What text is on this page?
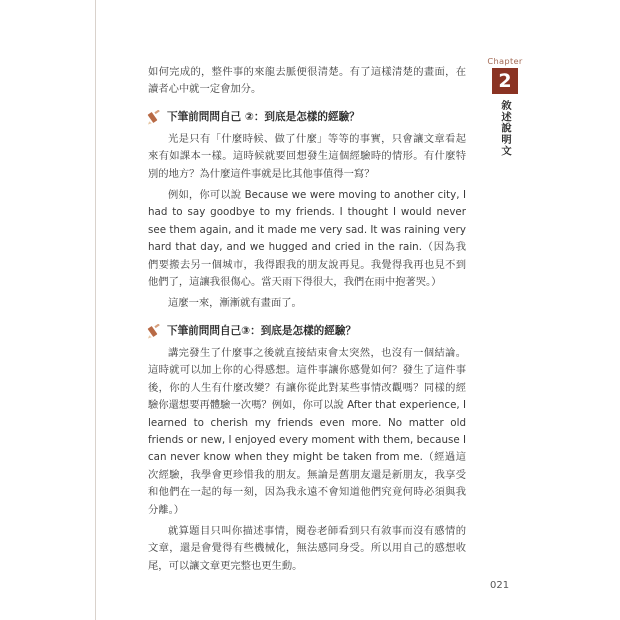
如何完成的，整件事的來龍去脈便很清楚。有了這樣清楚的畫面，在讀者心中就一定會加分。

下筆前問問自己 ②：到底是怎樣的經驗？

光是只有「什麼時候、做了什麼」等等的事實，只會讓文章看起來有如課本一樣。這時候就要回想發生這個經驗時的情形。有什麼特別的地方？為什麼這件事就是比其他事值得一寫？

例如，你可以說 Because we were moving to another city, I had to say goodbye to my friends. I thought I would never see them again, and it made me very sad. It was raining very hard that day, and we hugged and cried in the rain.（因為我們要搬去另一個城市，我得跟我的朋友說再見。我覺得我再也見不到他們了，這讓我很傷心。當天雨下得很大，我們在雨中抱著哭。）

這麼一來，漸漸就有畫面了。

下筆前問問自己③：到底是怎樣的經驗？

講完發生了什麼事之後就直接結束會太突然，也沒有一個結論。這時就可以加上你的心得感想。這件事讓你感覺如何？發生了這件事後，你的人生有什麼改變？有讓你從此對某些事情改觀嗎？同樣的經驗你還想要再體驗一次嗎？例如，你可以說 After that experience, I learned to cherish my friends even more. No matter old friends or new, I enjoyed every moment with them, because I can never know when they might be taken from me.（經過這次經驗，我學會更珍惜我的朋友。無論是舊朋友還是新朋友，我享受和他們在一起的每一刻，因為我永遠不會知道他們究竟何時必須與我分離。）

就算題目只叫你描述事情，閱卷老師看到只有敘事而沒有感情的文章，還是會覺得有些機械化，無法感同身受。所以用自己的感想收尾，可以讓文章更完整也更生動。

Chapter
2
敘述說明文
021
